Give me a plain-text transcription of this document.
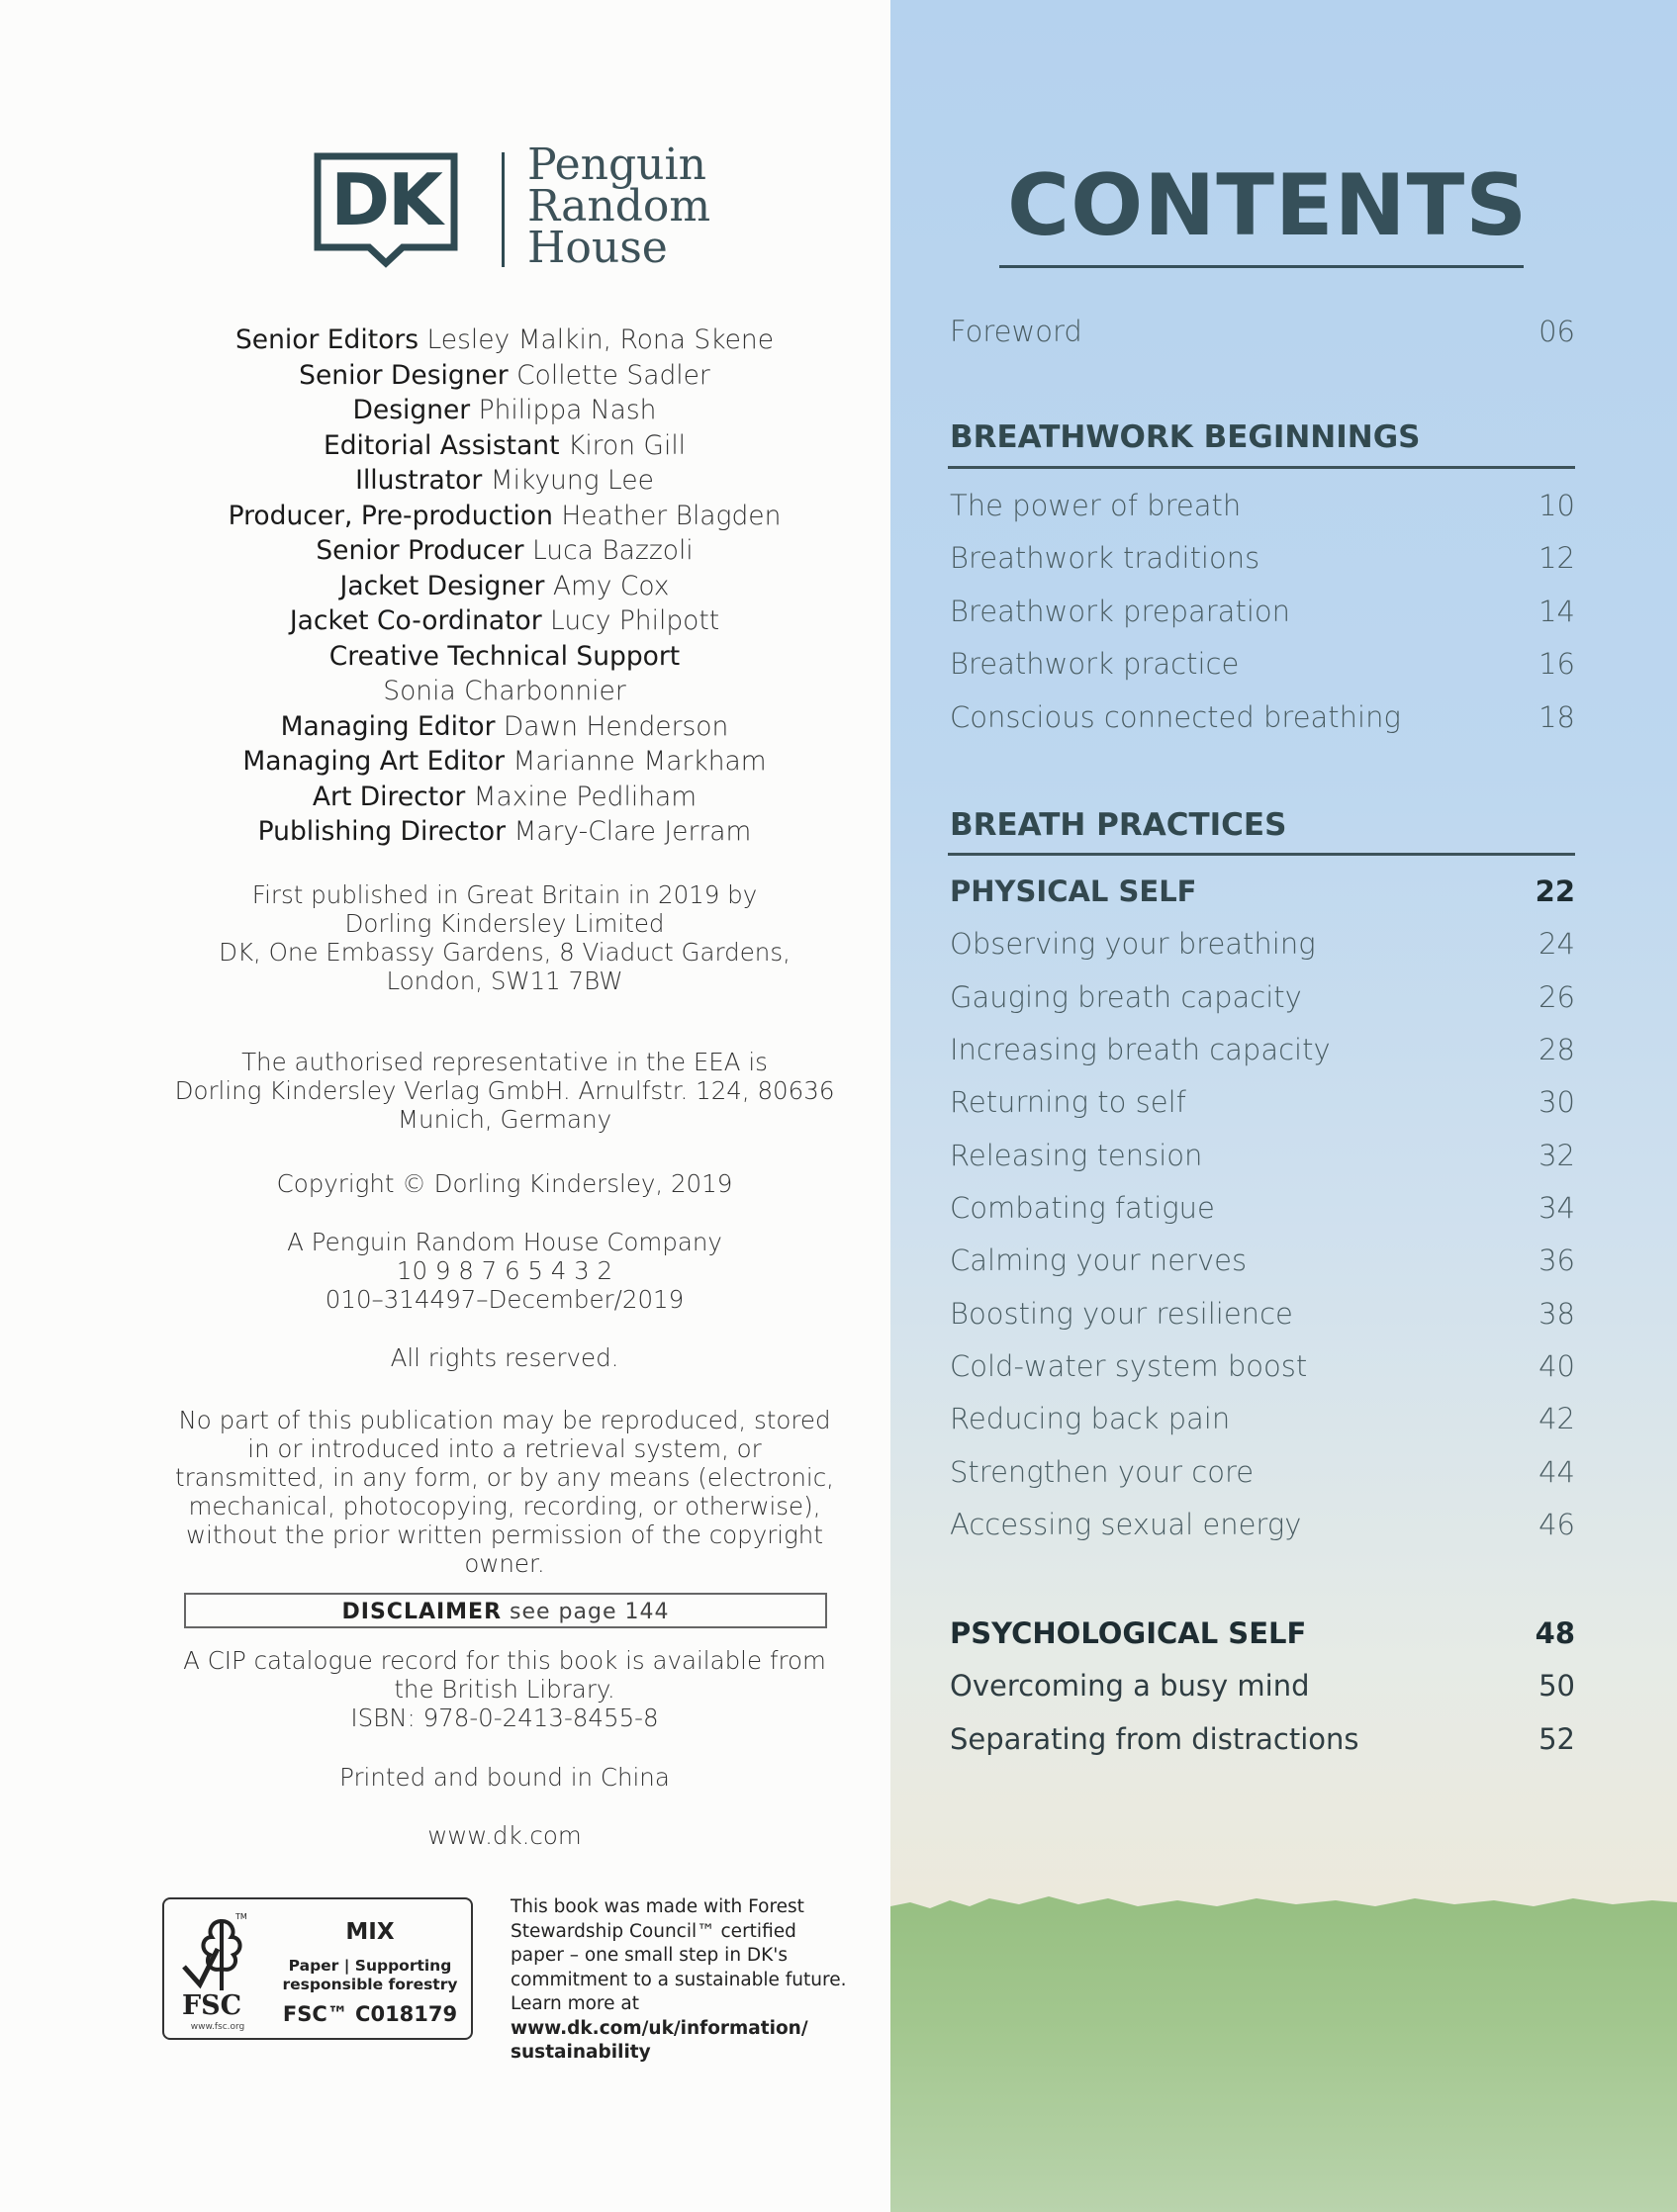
DK	Penguin
Random
House
Senior Editors Lesley Malkin, Rona Skene
Senior Designer Collette Sadler
Designer Philippa Nash
Editorial Assistant Kiron Gill
Illustrator Mikyung Lee
Producer, Pre-production Heather Blagden
Senior Producer Luca Bazzoli
Jacket Designer Amy Cox
Jacket Co-ordinator Lucy Philpott
Creative Technical Support
Sonia Charbonnier
Managing Editor Dawn Henderson
Managing Art Editor Marianne Markham
Art Director Maxine Pedliham
Publishing Director Mary-Clare Jerram
First published in Great Britain in 2019 by
Dorling Kindersley Limited
DK, One Embassy Gardens, 8 Viaduct Gardens,
London, SW11 7BW
The authorised representative in the EEA is
Dorling Kindersley Verlag GmbH. Arnulfstr. 124, 80636
Munich, Germany
Copyright © Dorling Kindersley, 2019
A Penguin Random House Company
10 9 8 7 6 5 4 3 2
010–314497–December/2019
All rights reserved.
No part of this publication may be reproduced, stored
in or introduced into a retrieval system, or
transmitted, in any form, or by any means (electronic,
mechanical, photocopying, recording, or otherwise),
without the prior written permission of the copyright
owner.
DISCLAIMER see page 144
A CIP catalogue record for this book is available from
the British Library.
ISBN: 978-0-2413-8455-8
Printed and bound in China
www.dk.com
TM
FSC
www.fsc.org
MIX
Paper | Supporting
responsible forestry
FSC™ C018179
This book was made with Forest
Stewardship Council™ certified
paper – one small step in DK's
commitment to a sustainable future.
Learn more at
www.dk.com/uk/information/
sustainability
CONTENTS
Foreword	06
BREATHWORK BEGINNINGS
The power of breath	10
Breathwork traditions	12
Breathwork preparation	14
Breathwork practice	16
Conscious connected breathing	18
BREATH PRACTICES
PHYSICAL SELF	22
Observing your breathing	24
Gauging breath capacity	26
Increasing breath capacity	28
Returning to self	30
Releasing tension	32
Combating fatigue	34
Calming your nerves	36
Boosting your resilience	38
Cold-water system boost	40
Reducing back pain	42
Strengthen your core	44
Accessing sexual energy	46
PSYCHOLOGICAL SELF	48
Overcoming a busy mind	50
Separating from distractions	52
